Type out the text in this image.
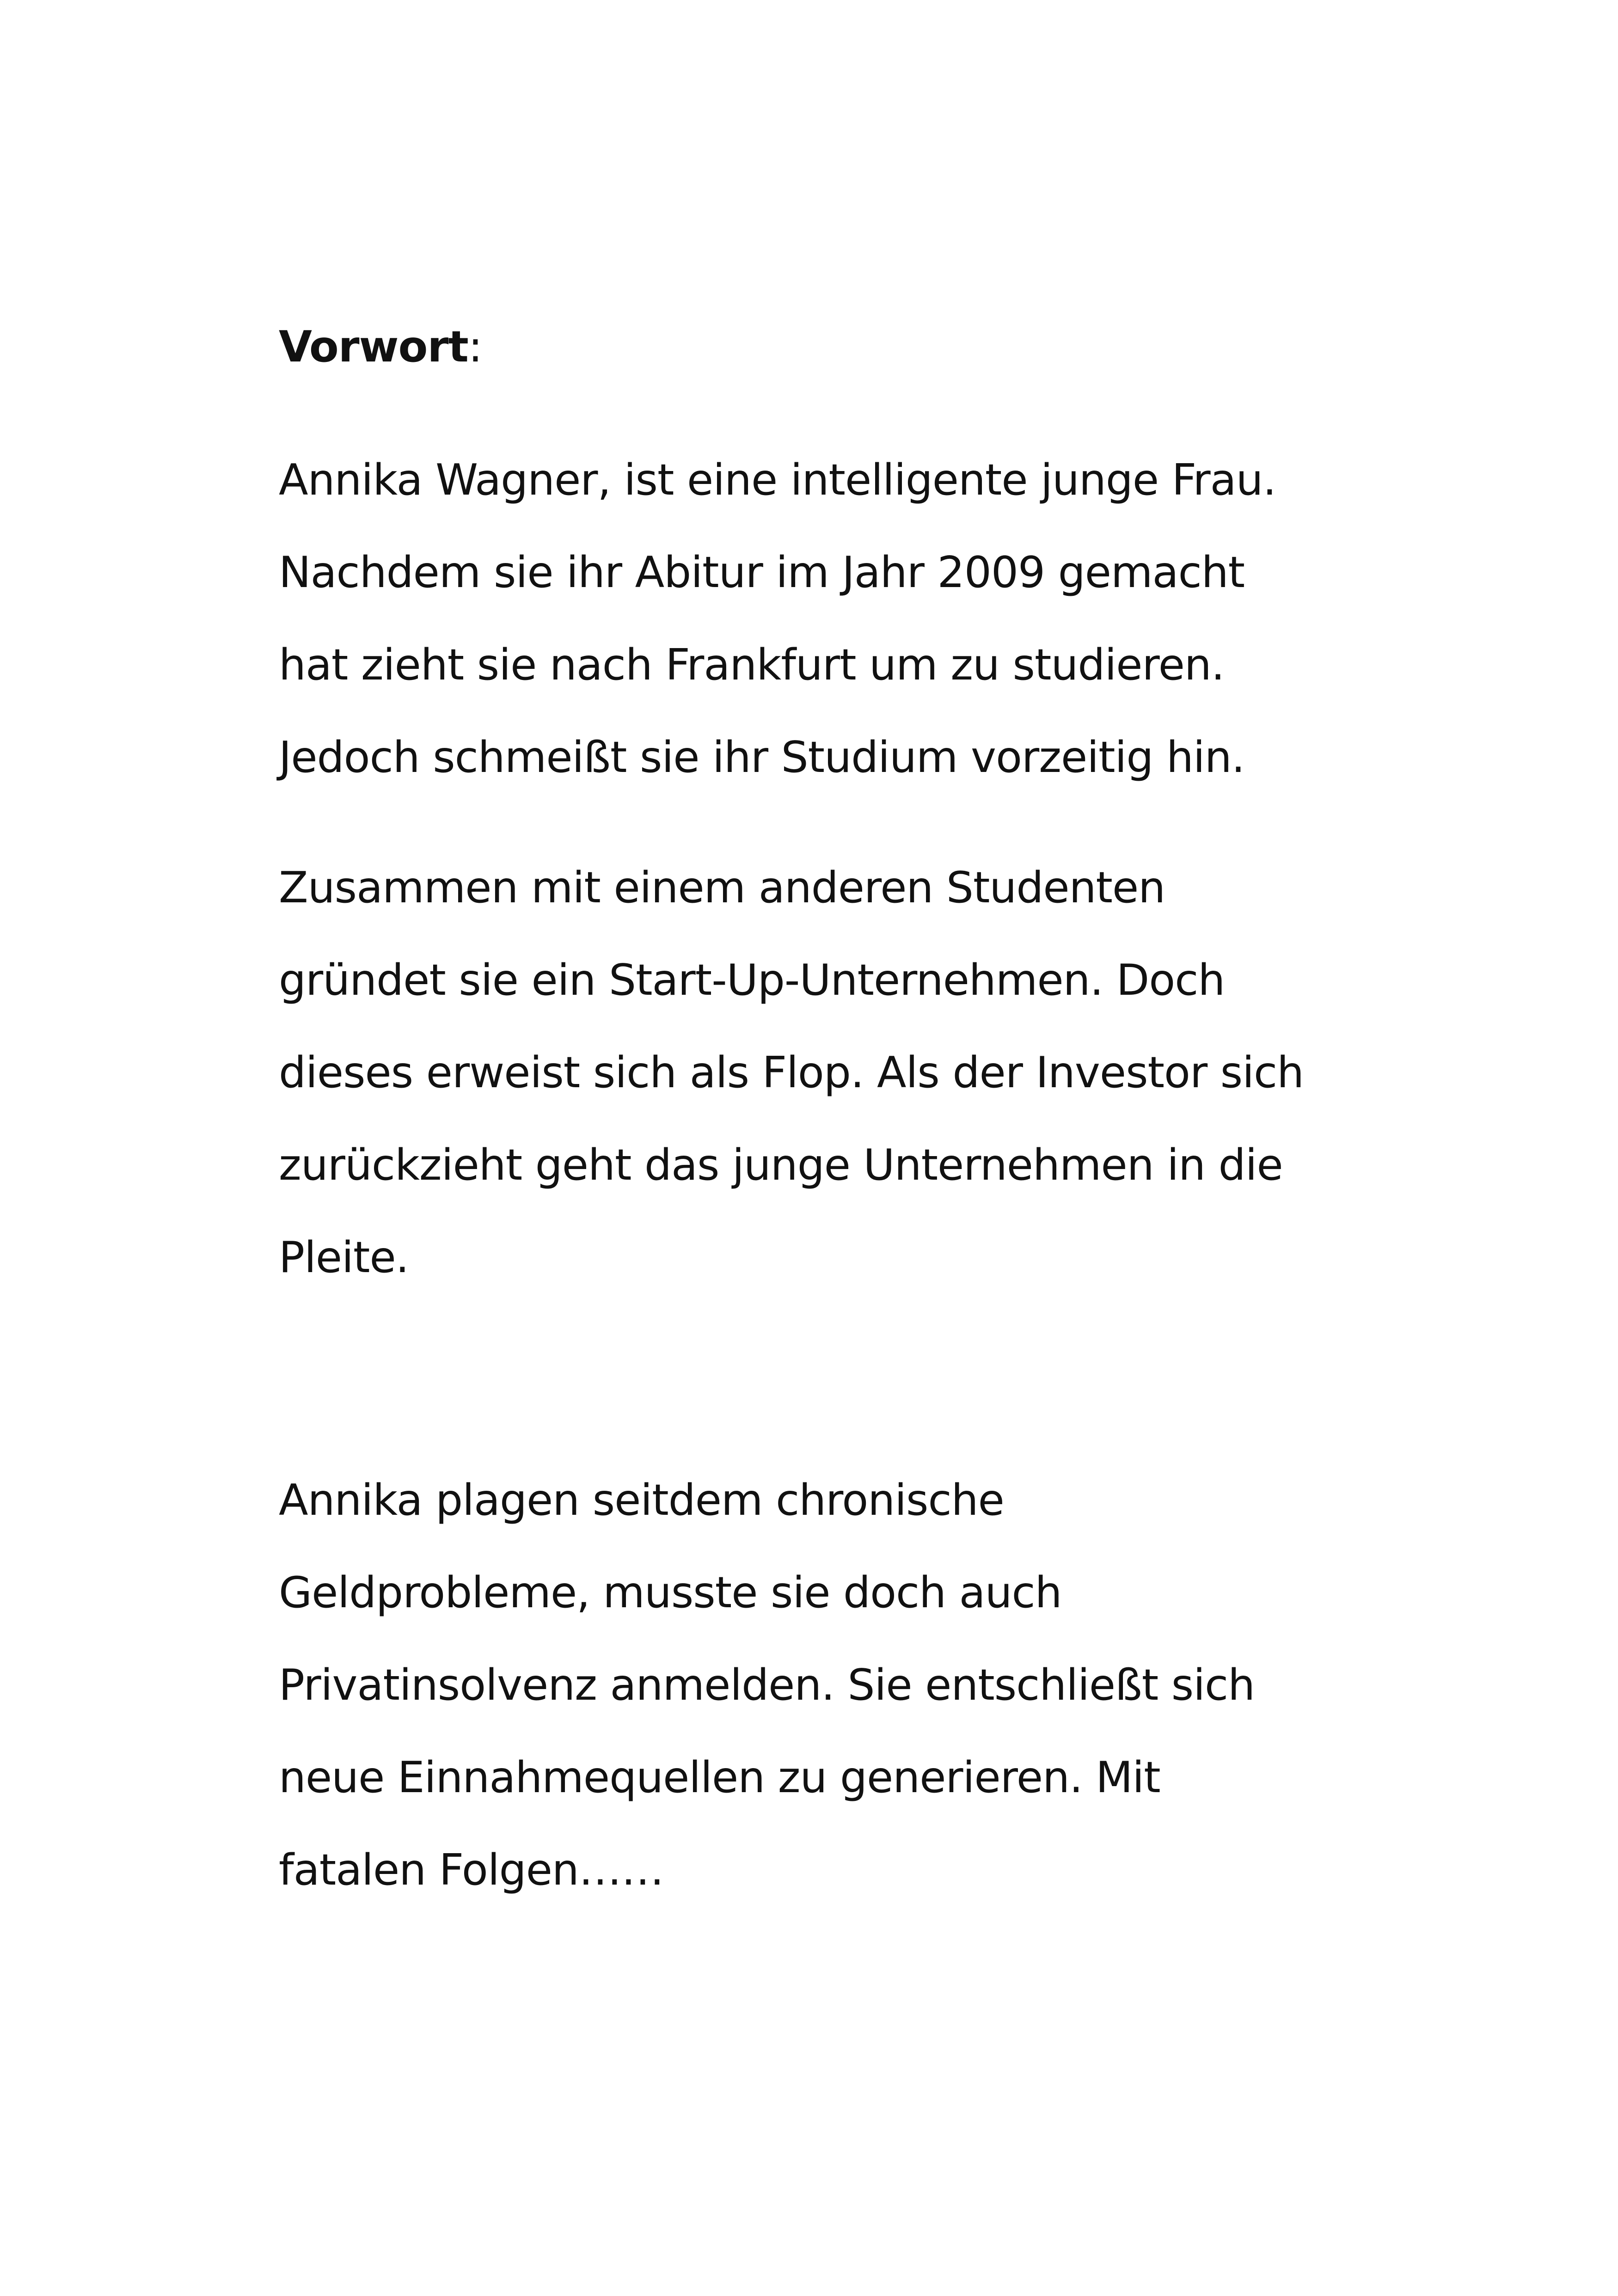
Vorwort:
Annika Wagner, ist eine intelligente junge Frau.
Nachdem sie ihr Abitur im Jahr 2009 gemacht
hat zieht sie nach Frankfurt um zu studieren.
Jedoch schmeißt sie ihr Studium vorzeitig hin.
Zusammen mit einem anderen Studenten
gründet sie ein Start-Up-Unternehmen. Doch
dieses erweist sich als Flop. Als der Investor sich
zurückzieht geht das junge Unternehmen in die
Pleite.
Annika plagen seitdem chronische
Geldprobleme, musste sie doch auch
Privatinsolvenz anmelden. Sie entschließt sich
neue Einnahmequellen zu generieren. Mit
fatalen Folgen……
